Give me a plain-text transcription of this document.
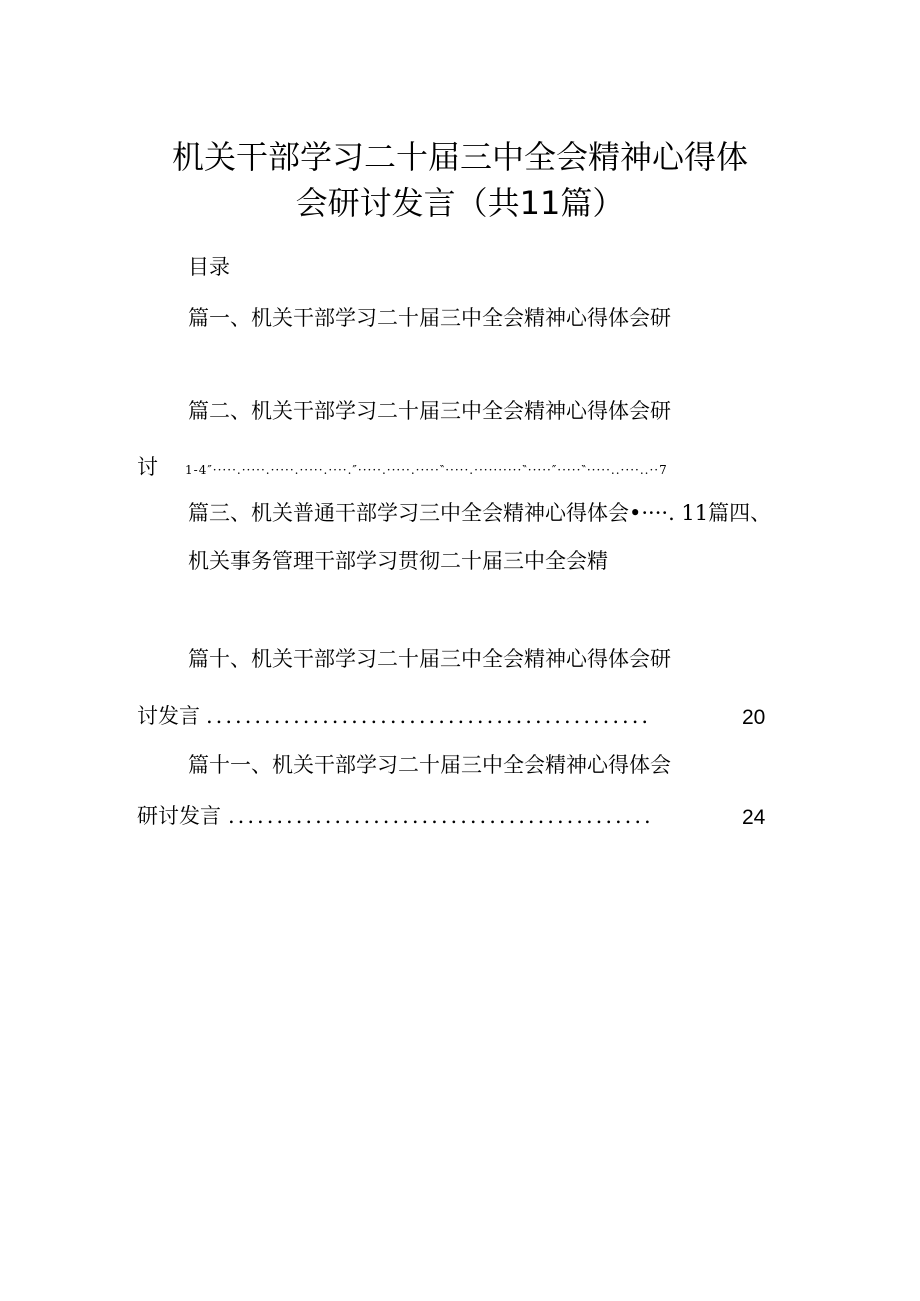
机关干部学习二十届三中全会精神心得体
会研讨发言（共11篇）
目录
篇一、机关干部学习二十届三中全会精神心得体会研
篇二、机关干部学习二十届三中全会精神心得体会研
讨 1-4″·····.·····.·····.·····.····.″·····.·····.·····‶·····.··········‶·····″·····‶·····..····..··7
篇三、机关普通干部学习三中全会精神心得体会•····. 11篇四、
机关事务管理干部学习贯彻二十届三中全会精
篇十、机关干部学习二十届三中全会精神心得体会研
讨发言 ..............................................	20
篇十一、机关干部学习二十届三中全会精神心得体会
研讨发言 ............................................	24
